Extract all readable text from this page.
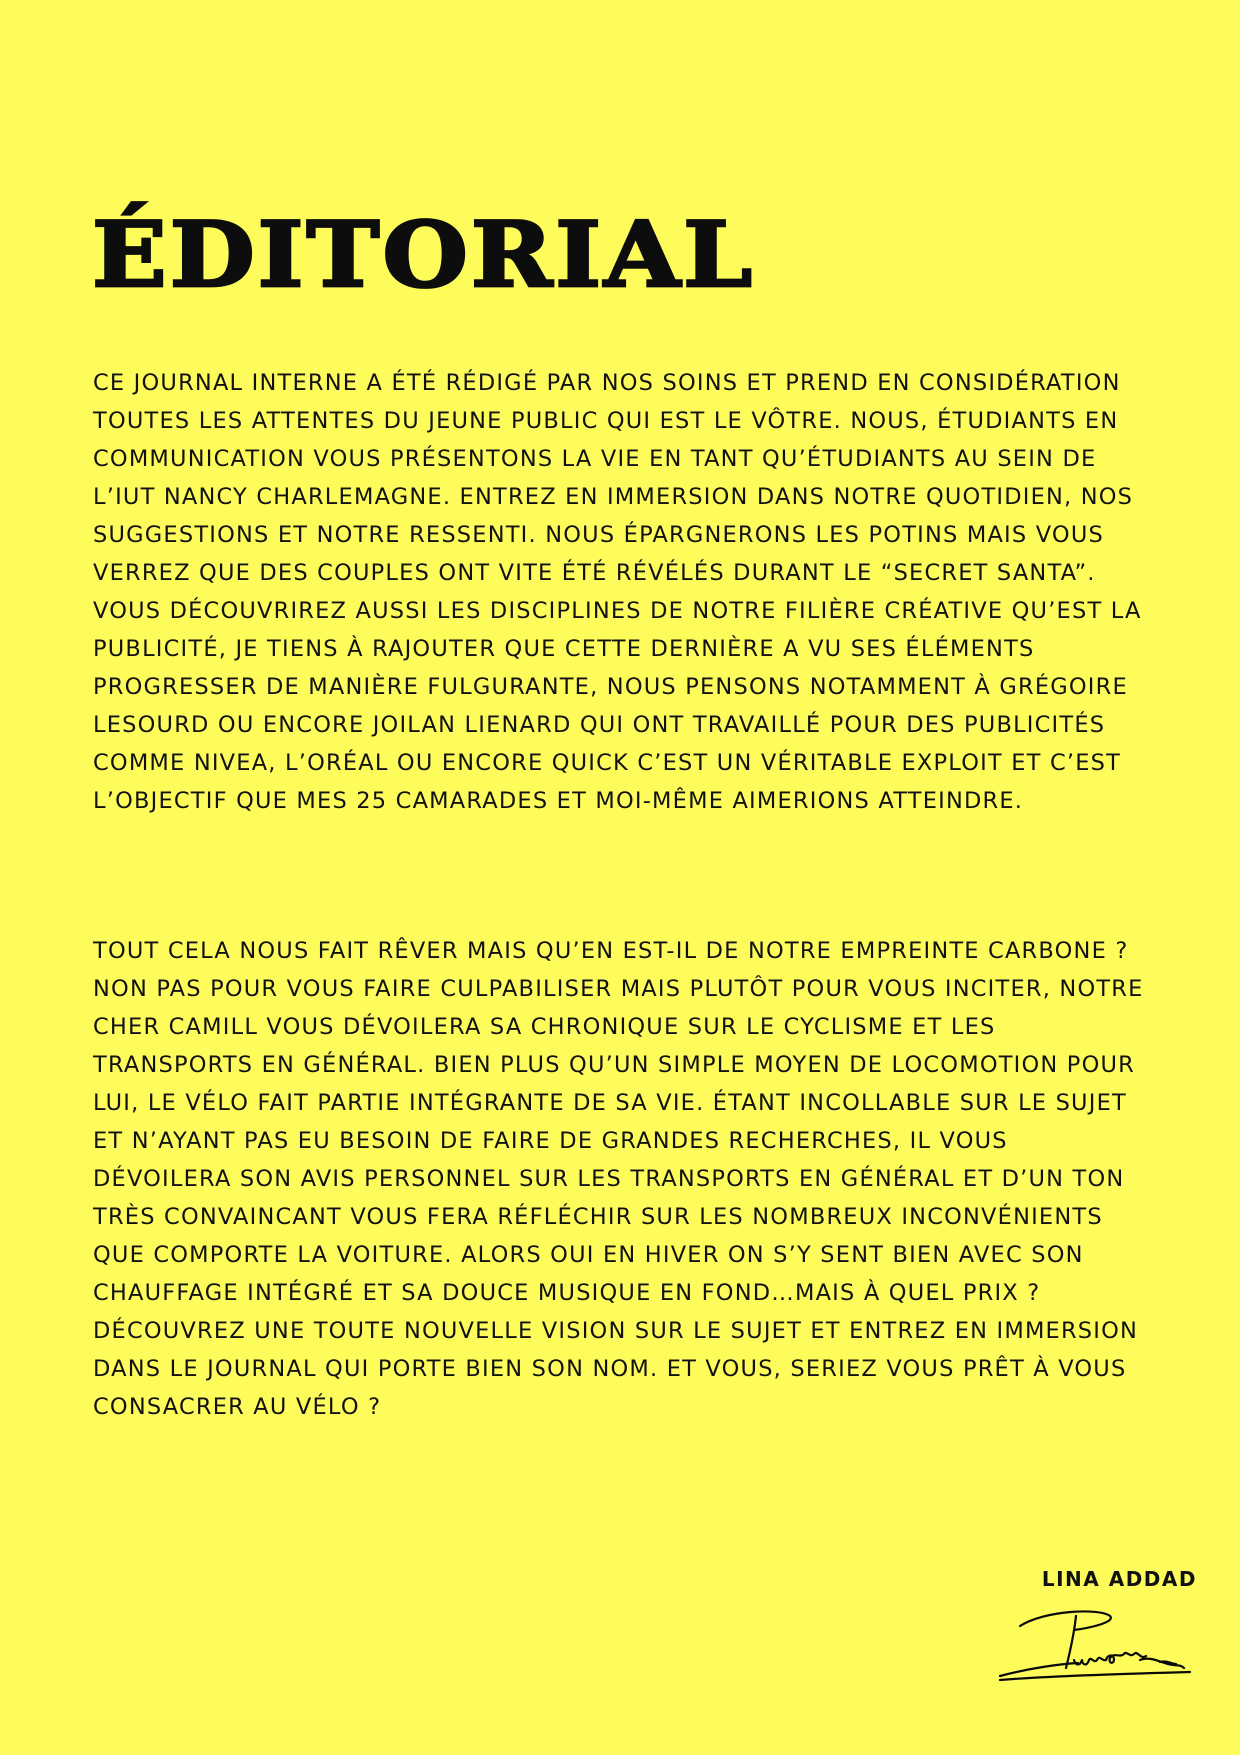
ÉDITORIAL

CE JOURNAL INTERNE A ÉTÉ RÉDIGÉ PAR NOS SOINS ET PREND EN CONSIDÉRATION TOUTES LES ATTENTES DU JEUNE PUBLIC QUI EST LE VÔTRE. NOUS, ÉTUDIANTS EN COMMUNICATION VOUS PRÉSENTONS LA VIE EN TANT QU’ÉTUDIANTS AU SEIN DE L’IUT NANCY CHARLEMAGNE. ENTREZ EN IMMERSION DANS NOTRE QUOTIDIEN, NOS SUGGESTIONS ET NOTRE RESSENTI. NOUS ÉPARGNERONS LES POTINS MAIS VOUS VERREZ QUE DES COUPLES ONT VITE ÉTÉ RÉVÉLÉS DURANT LE “SECRET SANTA”. VOUS DÉCOUVRIREZ AUSSI LES DISCIPLINES DE NOTRE FILIÈRE CRÉATIVE QU’EST LA PUBLICITÉ, JE TIENS À RAJOUTER QUE CETTE DERNIÈRE A VU SES ÉLÉMENTS PROGRESSER DE MANIÈRE FULGURANTE, NOUS PENSONS NOTAMMENT À GRÉGOIRE LESOURD OU ENCORE JOILAN LIENARD QUI ONT TRAVAILLÉ POUR DES PUBLICITÉS COMME NIVEA, L’ORÉAL OU ENCORE QUICK C’EST UN VÉRITABLE EXPLOIT ET C’EST L’OBJECTIF QUE MES 25 CAMARADES ET MOI-MÊME AIMERIONS ATTEINDRE.

TOUT CELA NOUS FAIT RÊVER MAIS QU’EN EST-IL DE NOTRE EMPREINTE CARBONE ? NON PAS POUR VOUS FAIRE CULPABILISER MAIS PLUTÔT POUR VOUS INCITER, NOTRE CHER CAMILL VOUS DÉVOILERA SA CHRONIQUE SUR LE CYCLISME ET LES TRANSPORTS EN GÉNÉRAL. BIEN PLUS QU’UN SIMPLE MOYEN DE LOCOMOTION POUR LUI, LE VÉLO FAIT PARTIE INTÉGRANTE DE SA VIE. ÉTANT INCOLLABLE SUR LE SUJET ET N’AYANT PAS EU BESOIN DE FAIRE DE GRANDES RECHERCHES, IL VOUS DÉVOILERA SON AVIS PERSONNEL SUR LES TRANSPORTS EN GÉNÉRAL ET D’UN TON TRÈS CONVAINCANT VOUS FERA RÉFLÉCHIR SUR LES NOMBREUX INCONVÉNIENTS QUE COMPORTE LA VOITURE. ALORS OUI EN HIVER ON S’Y SENT BIEN AVEC SON CHAUFFAGE INTÉGRÉ ET SA DOUCE MUSIQUE EN FOND…MAIS À QUEL PRIX ? DÉCOUVREZ UNE TOUTE NOUVELLE VISION SUR LE SUJET ET ENTREZ EN IMMERSION DANS LE JOURNAL QUI PORTE BIEN SON NOM. ET VOUS, SERIEZ VOUS PRÊT À VOUS CONSACRER AU VÉLO ?

LINA ADDAD
